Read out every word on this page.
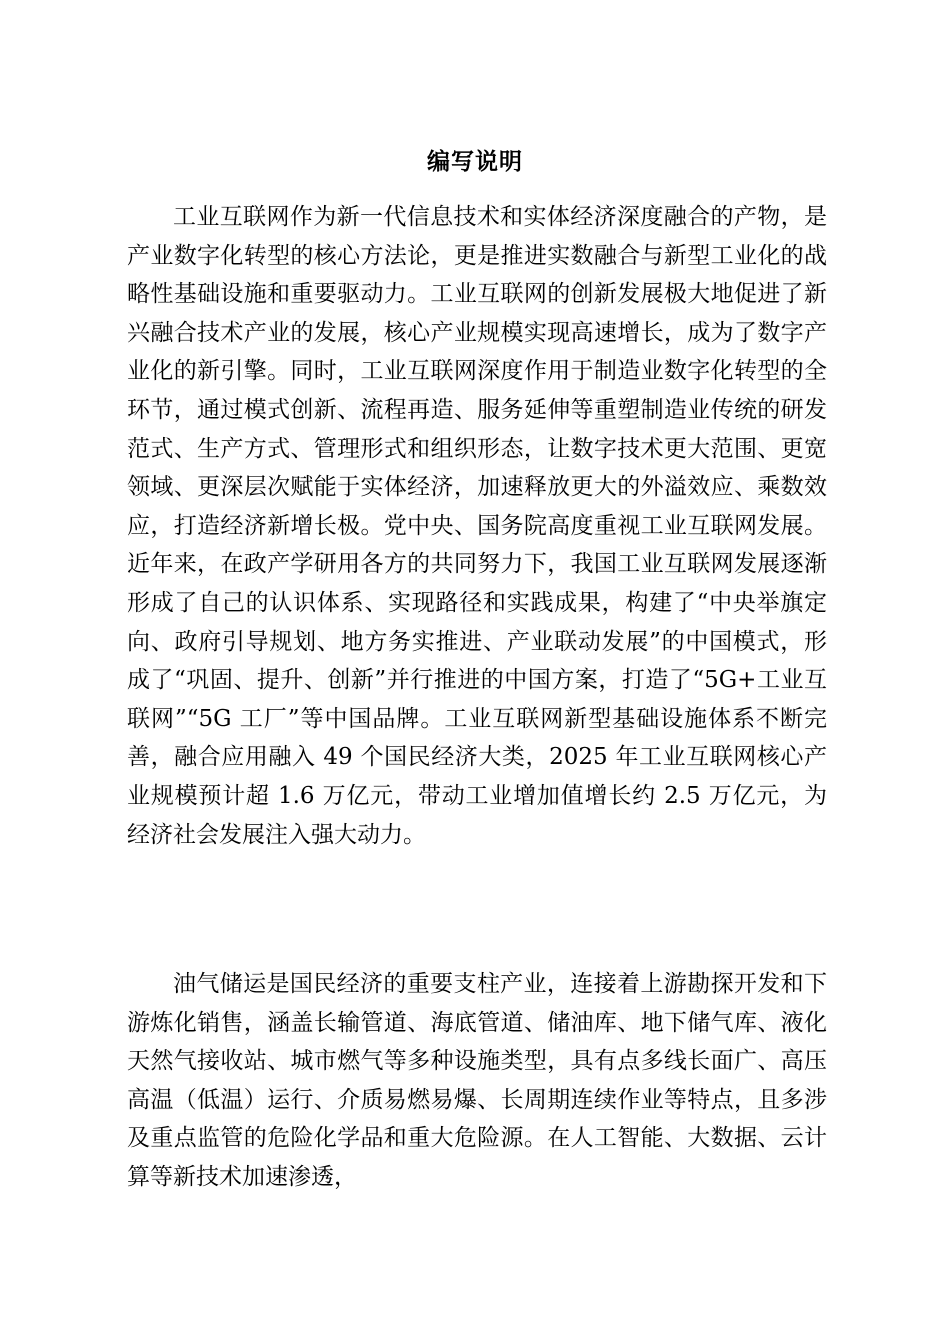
编写说明

工业互联网作为新一代信息技术和实体经济深度融合的产物，是产业数字化转型的核心方法论，更是推进实数融合与新型工业化的战略性基础设施和重要驱动力。工业互联网的创新发展极大地促进了新兴融合技术产业的发展，核心产业规模实现高速增长，成为了数字产业化的新引擎。同时，工业互联网深度作用于制造业数字化转型的全环节，通过模式创新、流程再造、服务延伸等重塑制造业传统的研发范式、生产方式、管理形式和组织形态，让数字技术更大范围、更宽领域、更深层次赋能于实体经济，加速释放更大的外溢效应、乘数效应，打造经济新增长极。党中央、国务院高度重视工业互联网发展。近年来，在政产学研用各方的共同努力下，我国工业互联网发展逐渐形成了自己的认识体系、实现路径和实践成果，构建了“中央举旗定向、政府引导规划、地方务实推进、产业联动发展”的中国模式，形成了“巩固、提升、创新”并行推进的中国方案，打造了“5G+工业互联网”“5G 工厂”等中国品牌。工业互联网新型基础设施体系不断完善，融合应用融入 49 个国民经济大类，2025 年工业互联网核心产业规模预计超 1.6 万亿元，带动工业增加值增长约 2.5 万亿元，为经济社会发展注入强大动力。

油气储运是国民经济的重要支柱产业，连接着上游勘探开发和下游炼化销售，涵盖长输管道、海底管道、储油库、地下储气库、液化天然气接收站、城市燃气等多种设施类型，具有点多线长面广、高压高温（低温）运行、介质易燃易爆、长周期连续作业等特点，且多涉及重点监管的危险化学品和重大危险源。在人工智能、大数据、云计算等新技术加速渗透，
